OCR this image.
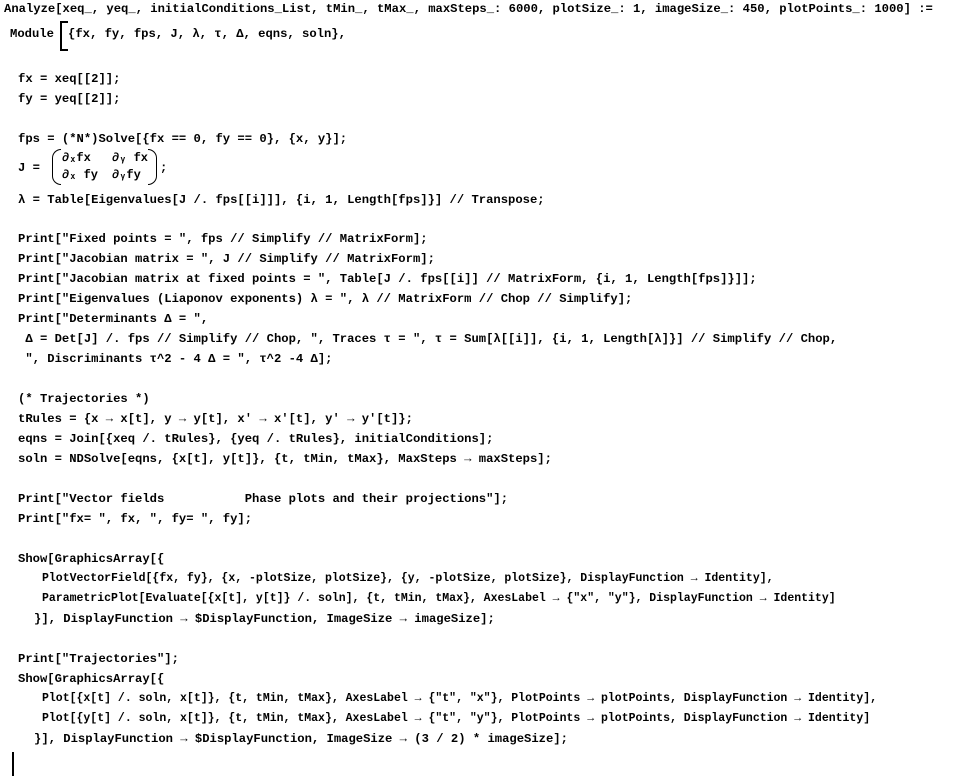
Analyze[xeq_, yeq_, initialConditions_List, tMin_, tMax_, maxSteps_: 6000, plotSize_: 1, imageSize_: 450, plotPoints_: 1000] :=
Module {fx, fy, fps, J, λ, τ, Δ, eqns, soln},
fx = xeq[[2]];
fy = yeq[[2]];
fps = (*N*)Solve[{fx == 0, fy == 0}, {x, y}];
J =
∂ₓfx ∂ᵧ fx
∂ₓ fy ∂ᵧfy ;
λ = Table[Eigenvalues[J /. fps[[i]]], {i, 1, Length[fps]}] // Transpose;
Print["Fixed points = ", fps // Simplify // MatrixForm];
Print["Jacobian matrix = ", J // Simplify // MatrixForm];
Print["Jacobian matrix at fixed points = ", Table[J /. fps[[i]] // MatrixForm, {i, 1, Length[fps]}]];
Print["Eigenvalues (Liaponov exponents) λ = ", λ // MatrixForm // Chop // Simplify];
Print["Determinants Δ = ",
Δ = Det[J] /. fps // Simplify // Chop, ", Traces τ = ", τ = Sum[λ[[i]], {i, 1, Length[λ]}] // Simplify // Chop,
", Discriminants τ^2 - 4 Δ = ", τ^2 -4 Δ];
(* Trajectories *)
tRules = {x → x[t], y → y[t], x' → x'[t], y' → y'[t]};
eqns = Join[{xeq /. tRules}, {yeq /. tRules}, initialConditions];
soln = NDSolve[eqns, {x[t], y[t]}, {t, tMin, tMax}, MaxSteps → maxSteps];
Print["Vector fields           Phase plots and their projections"];
Print["fx= ", fx, ", fy= ", fy];
Show[GraphicsArray[{
PlotVectorField[{fx, fy}, {x, -plotSize, plotSize}, {y, -plotSize, plotSize}, DisplayFunction → Identity],
ParametricPlot[Evaluate[{x[t], y[t]} /. soln], {t, tMin, tMax}, AxesLabel → {"x", "y"}, DisplayFunction → Identity]
}], DisplayFunction → $DisplayFunction, ImageSize → imageSize];
Print["Trajectories"];
Show[GraphicsArray[{
Plot[{x[t] /. soln, x[t]}, {t, tMin, tMax}, AxesLabel → {"t", "x"}, PlotPoints → plotPoints, DisplayFunction → Identity],
Plot[{y[t] /. soln, x[t]}, {t, tMin, tMax}, AxesLabel → {"t", "y"}, PlotPoints → plotPoints, DisplayFunction → Identity]
}], DisplayFunction → $DisplayFunction, ImageSize → (3 / 2) * imageSize];
